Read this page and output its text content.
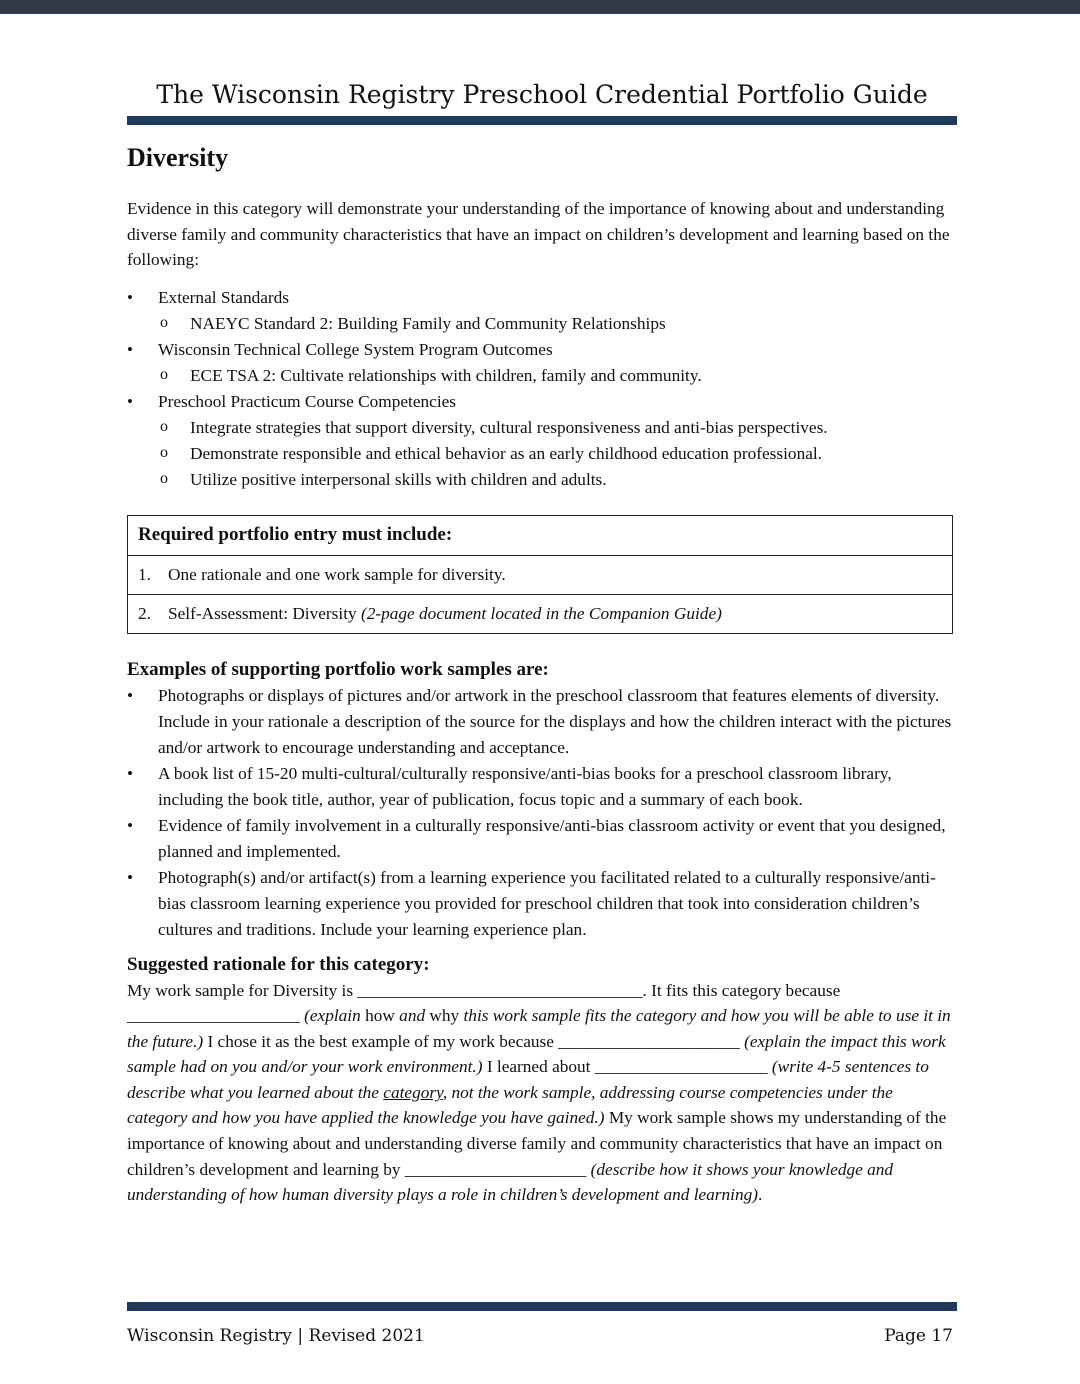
The Wisconsin Registry Preschool Credential Portfolio Guide
Diversity

Evidence in this category will demonstrate your understanding of the importance of knowing about and understanding diverse family and community characteristics that have an impact on children’s development and learning based on the following:

• External Standards
o NAEYC Standard 2: Building Family and Community Relationships
• Wisconsin Technical College System Program Outcomes
o ECE TSA 2: Cultivate relationships with children, family and community.
• Preschool Practicum Course Competencies
o Integrate strategies that support diversity, cultural responsiveness and anti-bias perspectives.
o Demonstrate responsible and ethical behavior as an early childhood education professional.
o Utilize positive interpersonal skills with children and adults.
Required portfolio entry must include:
1. One rationale and one work sample for diversity.
2. Self-Assessment: Diversity (2-page document located in the Companion Guide)
Examples of supporting portfolio work samples are:
• Photographs or displays of pictures and/or artwork in the preschool classroom that features elements of diversity. Include in your rationale a description of the source for the displays and how the children interact with the pictures and/or artwork to encourage understanding and acceptance.
• A book list of 15-20 multi-cultural/culturally responsive/anti-bias books for a preschool classroom library, including the book title, author, year of publication, focus topic and a summary of each book.
• Evidence of family involvement in a culturally responsive/anti-bias classroom activity or event that you designed, planned and implemented.
• Photograph(s) and/or artifact(s) from a learning experience you facilitated related to a culturally responsive/anti-bias classroom learning experience you provided for preschool children that took into consideration children’s cultures and traditions. Include your learning experience plan.
Suggested rationale for this category:

My work sample for Diversity is _________________________________. It fits this category because ____________________ (explain how and why this work sample fits the category and how you will be able to use it in the future.) I chose it as the best example of my work because _____________________ (explain the impact this work sample had on you and/or your work environment.) I learned about ____________________ (write 4-5 sentences to describe what you learned about the category, not the work sample, addressing course competencies under the category and how you have applied the knowledge you have gained.) My work sample shows my understanding of the importance of knowing about and understanding diverse family and community characteristics that have an impact on children’s development and learning by _____________________ (describe how it shows your knowledge and understanding of how human diversity plays a role in children’s development and learning).

Wisconsin Registry | Revised 2021	Page 17
